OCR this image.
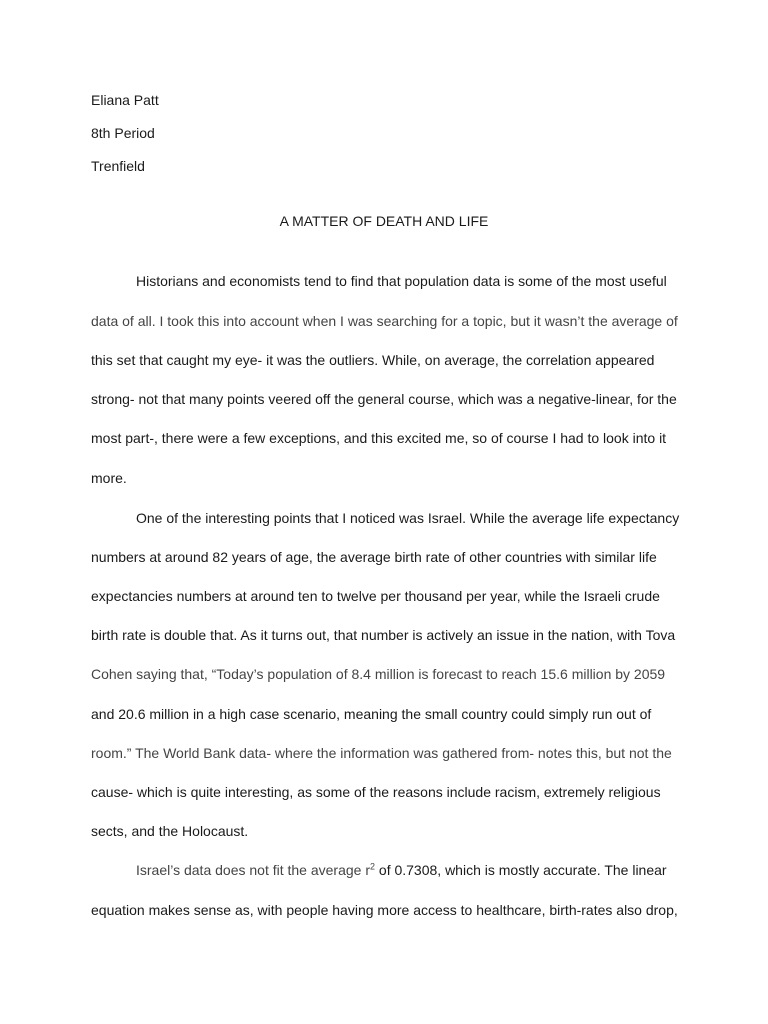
Eliana Patt
8th Period
Trenfield
A MATTER OF DEATH AND LIFE
Historians and economists tend to find that population data is some of the most useful
data of all. I took this into account when I was searching for a topic, but it wasn’t the average of
this set that caught my eye- it was the outliers. While, on average, the correlation appeared
strong- not that many points veered off the general course, which was a negative-linear, for the
most part-, there were a few exceptions, and this excited me, so of course I had to look into it
more.
One of the interesting points that I noticed was Israel. While the average life expectancy
numbers at around 82 years of age, the average birth rate of other countries with similar life
expectancies numbers at around ten to twelve per thousand per year, while the Israeli crude
birth rate is double that. As it turns out, that number is actively an issue in the nation, with Tova
Cohen saying that, “Today’s population of 8.4 million is forecast to reach 15.6 million by 2059
and 20.6 million in a high case scenario, meaning the small country could simply run out of
room.” The World Bank data- where the information was gathered from- notes this, but not the
cause- which is quite interesting, as some of the reasons include racism, extremely religious
sects, and the Holocaust.
Israel’s data does not fit the average $r^2$ of 0.7308, which is mostly accurate. The linear
equation makes sense as, with people having more access to healthcare, birth-rates also drop,
